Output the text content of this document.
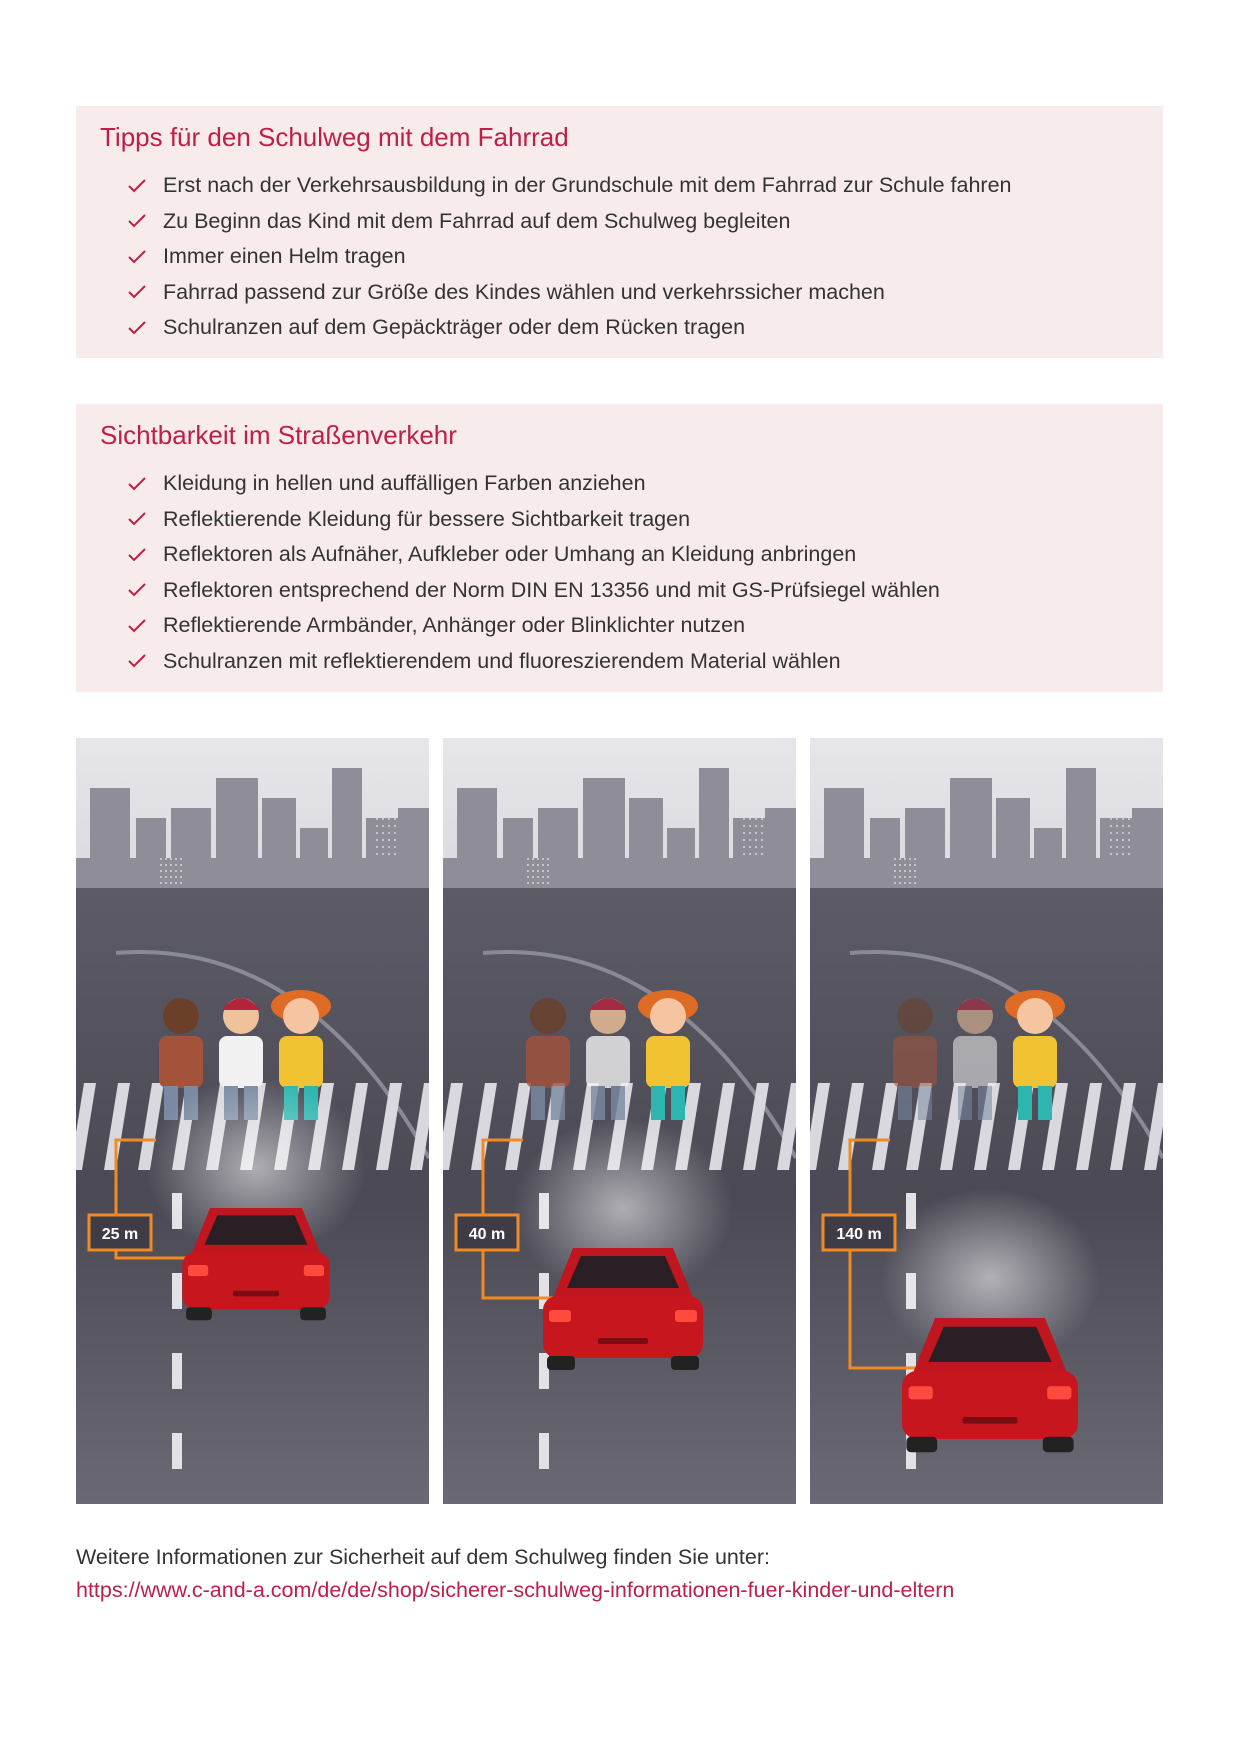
Tipps für den Schulweg mit dem Fahrrad
Erst nach der Verkehrsausbildung in der Grundschule mit dem Fahrrad zur Schule fahren
Zu Beginn das Kind mit dem Fahrrad auf dem Schulweg begleiten
Immer einen Helm tragen
Fahrrad passend zur Größe des Kindes wählen und verkehrssicher machen
Schulranzen auf dem Gepäckträger oder dem Rücken tragen
Sichtbarkeit im Straßenverkehr
Kleidung in hellen und auffälligen Farben anziehen
Reflektierende Kleidung für bessere Sichtbarkeit tragen
Reflektoren als Aufnäher, Aufkleber oder Umhang an Kleidung anbringen
Reflektoren entsprechend der Norm DIN EN 13356 und mit GS-Prüfsiegel wählen
Reflektierende Armbänder, Anhänger oder Blinklichter nutzen
Schulranzen mit reflektierendem und fluoreszierendem Material wählen
25 m	40 m	140 m
Weitere Informationen zur Sicherheit auf dem Schulweg finden Sie unter:
https://www.c-and-a.com/de/de/shop/sicherer-schulweg-informationen-fuer-kinder-und-eltern
